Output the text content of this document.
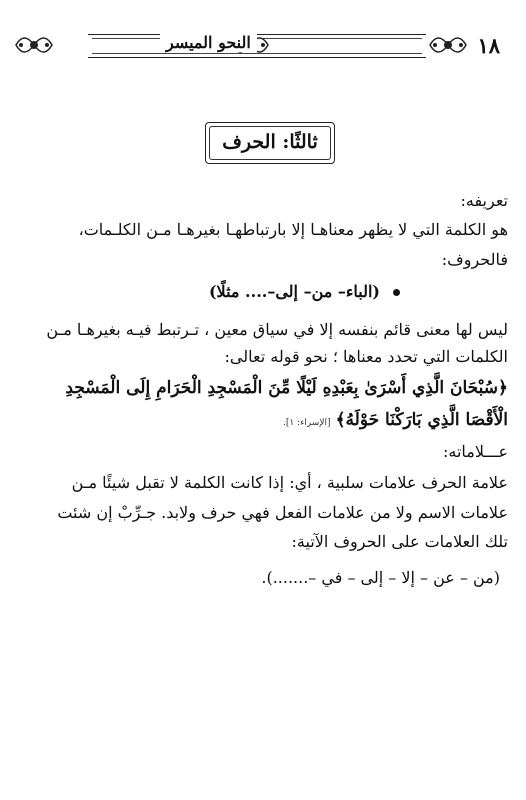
النحو الميسر	١٨
ثالثًا: الحرف
تعريفه:
هو الكلمة التي لا يظهر معناهـا إلا بارتباطهـا بغيرهـا مـن الكلـمات،
فالحروف:
(الباء– من– إلى–.... مثلًا)
ليس لها معنى قائم بنفسه إلا في سياق معين ، تـرتبط فيـه بغيرهـا مـن
الكلمات التي تحدد معناها ؛ نحو قوله تعالى:
﴿سُبْحَانَ الَّذِي أَسْرَىٰ بِعَبْدِهِ لَيْلًا مِّنَ الْمَسْجِدِ الْحَرَامِ إِلَى الْمَسْجِدِ
الْأَقْصَا الَّذِي بَارَكْنَا حَوْلَهُ﴾ [الإسراء: ١].
عـــلاماته:
علامة الحرف علامات سلبية ، أي: إذا كانت الكلمة لا تقبل شيئًا مـن
علامات الاسم ولا من علامات الفعل فهي حرف ولابد. جـرِّبْ إن شئت
تلك العلامات على الحروف الآتية:
(من – عن – إلا – إلى – في –.......).
